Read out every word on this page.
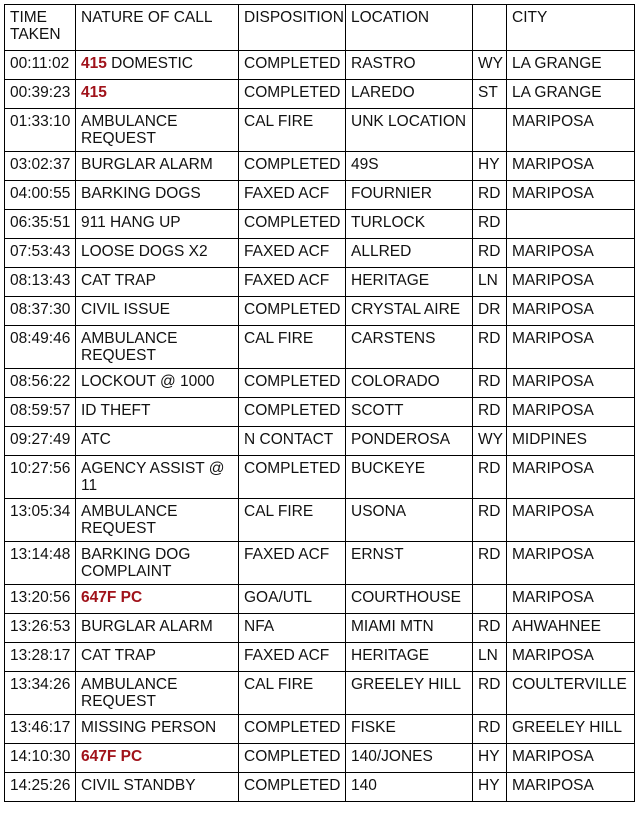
TIME TAKEN	NATURE OF CALL	DISPOSITION	LOCATION		CITY
00:11:02	415 DOMESTIC	COMPLETED	RASTRO	WY	LA GRANGE
00:39:23	415	COMPLETED	LAREDO	ST	LA GRANGE
01:33:10	AMBULANCE REQUEST	CAL FIRE	UNK LOCATION		MARIPOSA
03:02:37	BURGLAR ALARM	COMPLETED	49S	HY	MARIPOSA
04:00:55	BARKING DOGS	FAXED ACF	FOURNIER	RD	MARIPOSA
06:35:51	911 HANG UP	COMPLETED	TURLOCK	RD	
07:53:43	LOOSE DOGS X2	FAXED ACF	ALLRED	RD	MARIPOSA
08:13:43	CAT TRAP	FAXED ACF	HERITAGE	LN	MARIPOSA
08:37:30	CIVIL ISSUE	COMPLETED	CRYSTAL AIRE	DR	MARIPOSA
08:49:46	AMBULANCE REQUEST	CAL FIRE	CARSTENS	RD	MARIPOSA
08:56:22	LOCKOUT @ 1000	COMPLETED	COLORADO	RD	MARIPOSA
08:59:57	ID THEFT	COMPLETED	SCOTT	RD	MARIPOSA
09:27:49	ATC	N CONTACT	PONDEROSA	WY	MIDPINES
10:27:56	AGENCY ASSIST @ 11	COMPLETED	BUCKEYE	RD	MARIPOSA
13:05:34	AMBULANCE REQUEST	CAL FIRE	USONA	RD	MARIPOSA
13:14:48	BARKING DOG COMPLAINT	FAXED ACF	ERNST	RD	MARIPOSA
13:20:56	647F PC	GOA/UTL	COURTHOUSE		MARIPOSA
13:26:53	BURGLAR ALARM	NFA	MIAMI MTN	RD	AHWAHNEE
13:28:17	CAT TRAP	FAXED ACF	HERITAGE	LN	MARIPOSA
13:34:26	AMBULANCE REQUEST	CAL FIRE	GREELEY HILL	RD	COULTERVILLE
13:46:17	MISSING PERSON	COMPLETED	FISKE	RD	GREELEY HILL
14:10:30	647F PC	COMPLETED	140/JONES	HY	MARIPOSA
14:25:26	CIVIL STANDBY	COMPLETED	140	HY	MARIPOSA
